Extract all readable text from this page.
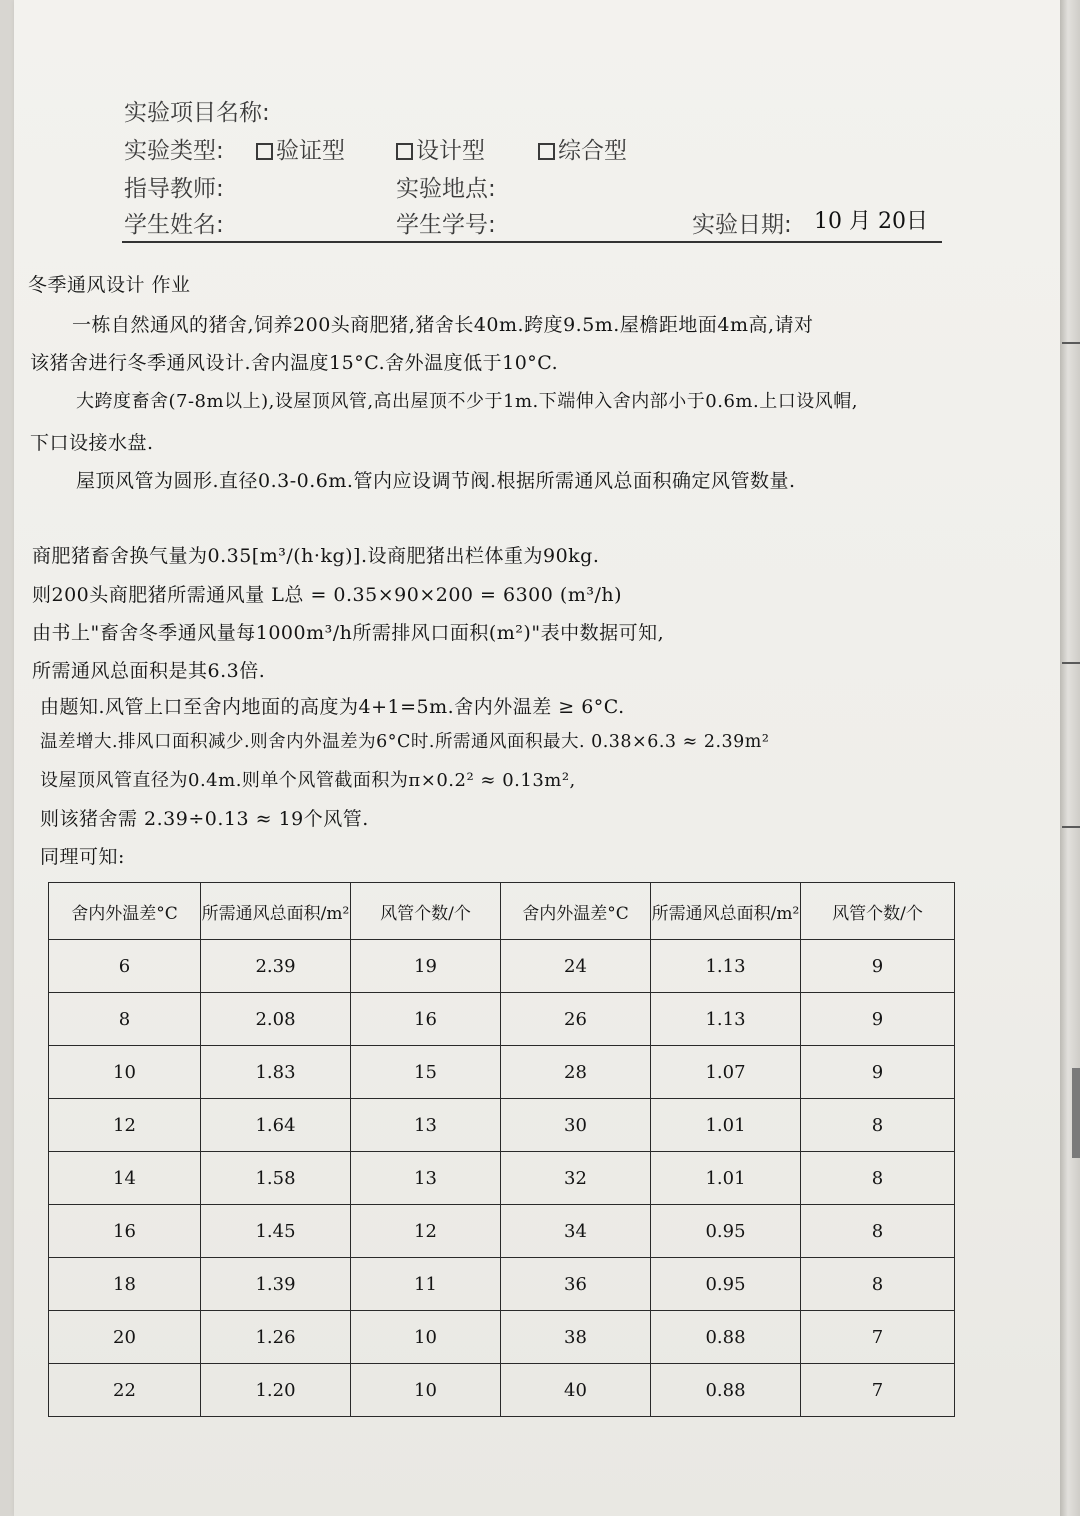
实验项目名称:
实验类型:	验证型	设计型	综合型
指导教师:	实验地点:
学生姓名:	学生学号:	实验日期: 10 月 20日
冬季通风设计 作业
一栋自然通风的猪舍,饲养200头商肥猪,猪舍长40m.跨度9.5m.屋檐距地面4m高,请对
该猪舍进行冬季通风设计.舍内温度15°C.舍外温度低于10°C.
大跨度畜舍(7-8m以上),设屋顶风管,高出屋顶不少于1m.下端伸入舍内部小于0.6m.上口设风帽,
下口设接水盘.
屋顶风管为圆形.直径0.3-0.6m.管内应设调节阀.根据所需通风总面积确定风管数量.
商肥猪畜舍换气量为0.35[m³/(h·kg)].设商肥猪出栏体重为90kg.
则200头商肥猪所需通风量 L总 = 0.35×90×200 = 6300 (m³/h)
由书上"畜舍冬季通风量每1000m³/h所需排风口面积(m²)"表中数据可知,
所需通风总面积是其6.3倍.
由题知.风管上口至舍内地面的高度为4+1=5m.舍内外温差 ≥ 6°C.
温差增大.排风口面积减少.则舍内外温差为6°C时.所需通风面积最大. 0.38×6.3 ≈ 2.39m²
设屋顶风管直径为0.4m.则单个风管截面积为π×0.2² ≈ 0.13m²,
则该猪舍需 2.39÷0.13 ≈ 19个风管.
同理可知:
舍内外温差°C	所需通风总面积/m²	风管个数/个	舍内外温差°C	所需通风总面积/m²	风管个数/个
6	2.39	19	24	1.13	9
8	2.08	16	26	1.13	9
10	1.83	15	28	1.07	9
12	1.64	13	30	1.01	8
14	1.58	13	32	1.01	8
16	1.45	12	34	0.95	8
18	1.39	11	36	0.95	8
20	1.26	10	38	0.88	7
22	1.20	10	40	0.88	7
